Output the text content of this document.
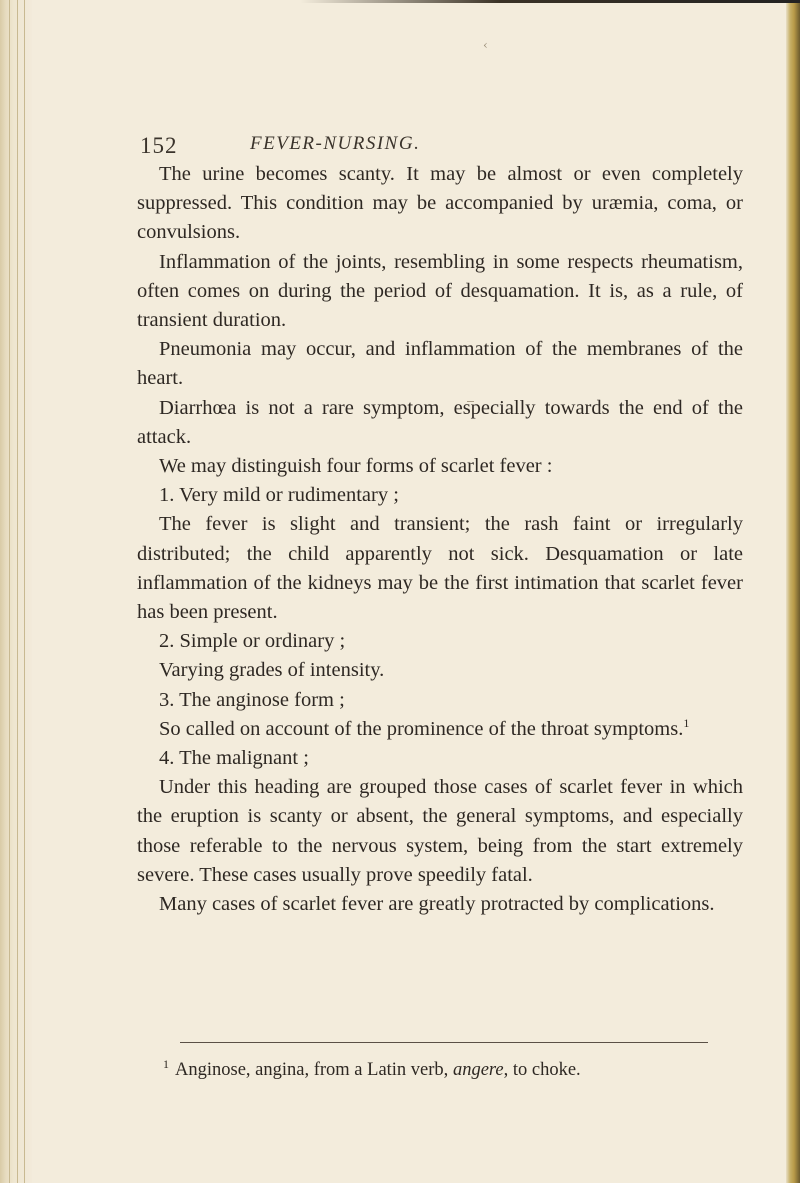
‹
152	FEVER-NURSING.

The urine becomes scanty. It may be almost or even completely suppressed. This condition may be accompanied by uræmia, coma, or convulsions.

Inflammation of the joints, resembling in some respects rheumatism, often comes on during the period of desquamation. It is, as a rule, of transient duration.

Pneumonia may occur, and inflammation of the membranes of the heart.

Diarrhœa is not a rare symptom, especially towards the end of the attack.

We may distinguish four forms of scarlet fever :

1. Very mild or rudimentary ;

The fever is slight and transient; the rash faint or irregularly distributed; the child apparently not sick. Desquamation or late inflammation of the kidneys may be the first intimation that scarlet fever has been present.

2. Simple or ordinary ;

Varying grades of intensity.

3. The anginose form ;

So called on account of the prominence of the throat symptoms.$^1$

4. The malignant ;

Under this heading are grouped those cases of scarlet fever in which the eruption is scanty or absent, the general symptoms, and especially those referable to the nervous system, being from the start extremely severe. These cases usually prove speedily fatal.

Many cases of scarlet fever are greatly protracted by complications.

$^1$ Anginose, angina, from a Latin verb, angere, to choke.
